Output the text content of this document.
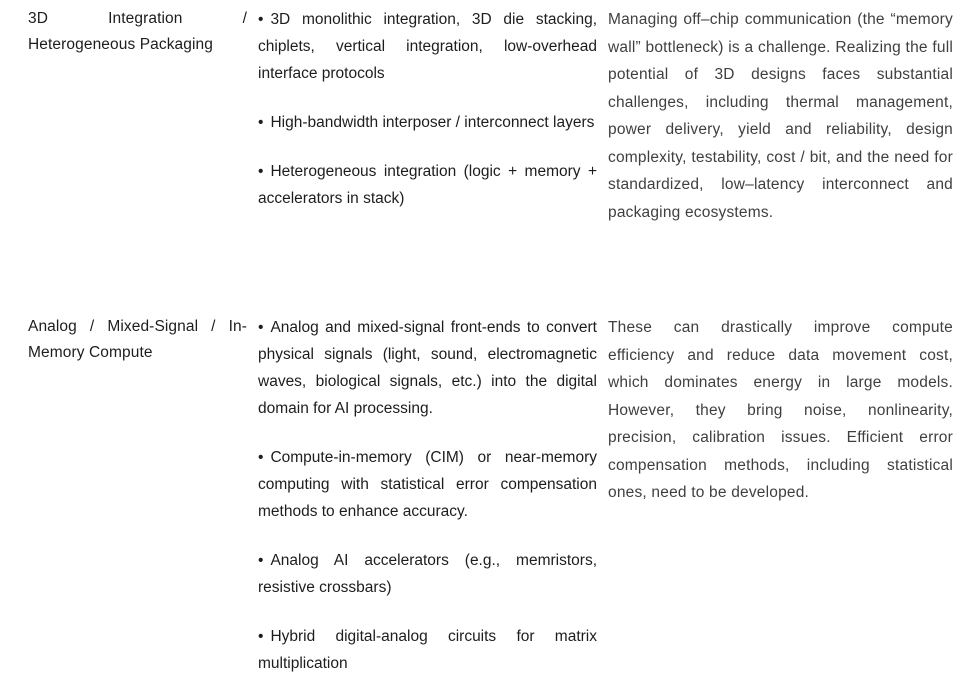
3D Integration / Heterogeneous Packaging

• 3D monolithic integration, 3D die stacking, chiplets, vertical integration, low-overhead interface protocols

• High-bandwidth interposer / interconnect layers

• Heterogeneous integration (logic + memory + accelerators in stack)

Managing off–chip communication (the “memory wall” bottleneck) is a challenge. Realizing the full potential of 3D designs faces substantial challenges, including thermal management, power delivery, yield and reliability, design complexity, testability, cost / bit, and the need for standardized, low–latency interconnect and packaging ecosystems.
Analog / Mixed-Signal / In-Memory Compute

• Analog and mixed-signal front-ends to convert physical signals (light, sound, electromagnetic waves, biological signals, etc.) into the digital domain for AI processing.

• Compute-in-memory (CIM) or near-memory computing with statistical error compensation methods to enhance accuracy.

• Analog AI accelerators (e.g., memristors, resistive crossbars)

• Hybrid digital-analog circuits for matrix multiplication

These can drastically improve compute efficiency and reduce data movement cost, which dominates energy in large models. However, they bring noise, nonlinearity, precision, calibration issues. Efficient error compensation methods, including statistical ones, need to be developed.
